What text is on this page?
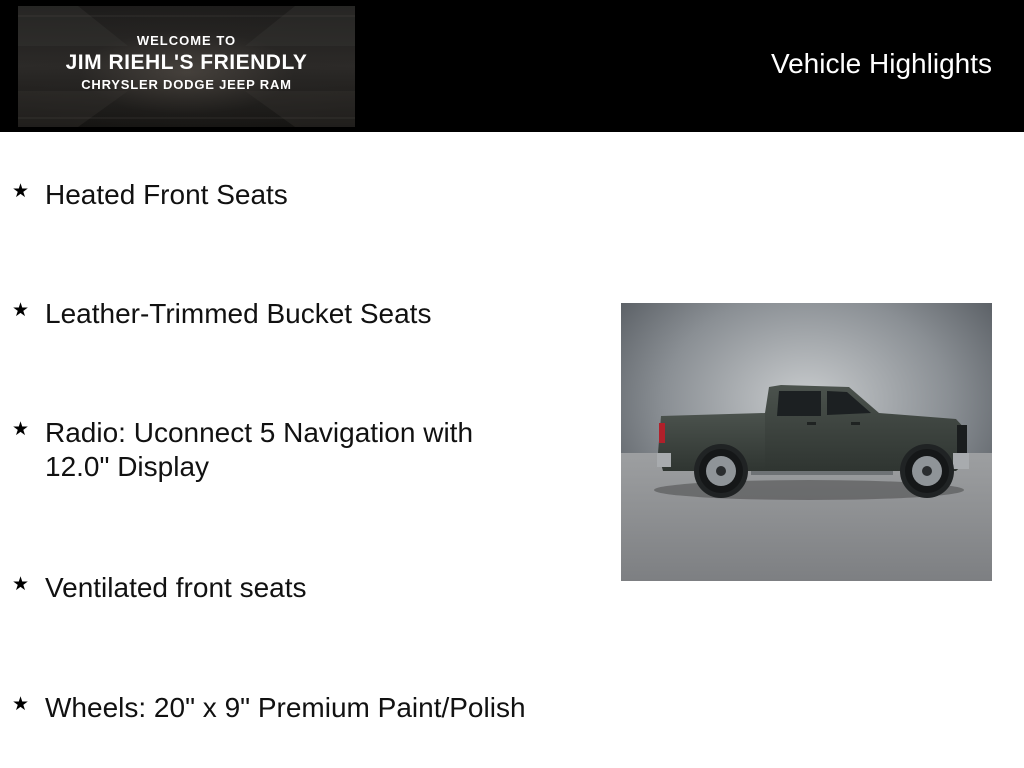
WELCOME TO
JIM RIEHL'S FRIENDLY
CHRYSLER DODGE JEEP RAM
Vehicle Highlights
★ Heated Front Seats
★ Leather-Trimmed Bucket Seats
★ Radio: Uconnect 5 Navigation with 12.0" Display
★ Ventilated front seats
★ Wheels: 20" x 9" Premium Paint/Polish
